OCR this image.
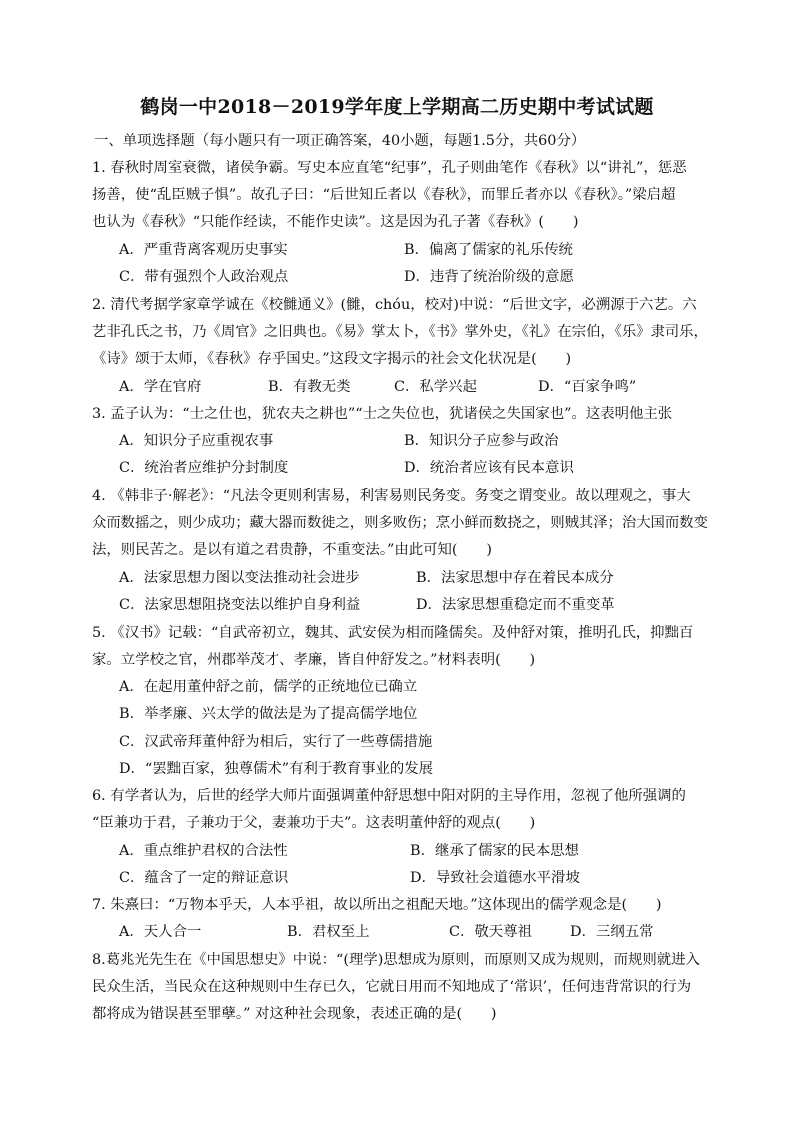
鹤岗一中2018－2019学年度上学期高二历史期中考试试题
一、单项选择题（每小题只有一项正确答案，40小题，每题1.5分，共60分）
1. 春秋时周室衰微，诸侯争霸。写史本应直笔“纪事”，孔子则曲笔作《春秋》以“讲礼”，惩恶
扬善，使“乱臣贼子惧”。故孔子曰：“后世知丘者以《春秋》，而罪丘者亦以《春秋》。”梁启超
也认为《春秋》“只能作经读，不能作史读”。这是因为孔子著《春秋》(　　)
A．严重背离客观历史事实	B．偏离了儒家的礼乐传统
C．带有强烈个人政治观点	D．违背了统治阶级的意愿
2. 清代考据学家章学诚在《校雠通义》(雠，chóu，校对)中说：“后世文字，必溯源于六艺。六
艺非孔氏之书，乃《周官》之旧典也。《易》掌太卜，《书》掌外史，《礼》在宗伯，《乐》隶司乐，
《诗》颂于太师，《春秋》存乎国史。”这段文字揭示的社会文化状况是(　　)
A．学在官府	B．有教无类	C．私学兴起	D．“百家争鸣”
3. 孟子认为：“士之仕也，犹农夫之耕也”“士之失位也，犹诸侯之失国家也”。这表明他主张
A．知识分子应重视农事	B．知识分子应参与政治
C．统治者应维护分封制度	D．统治者应该有民本意识
4. 《韩非子·解老》：“凡法令更则利害易，利害易则民务变。务变之谓变业。故以理观之，事大
众而数摇之，则少成功；藏大器而数徙之，则多败伤；烹小鲜而数挠之，则贼其泽；治大国而数变
法，则民苦之。是以有道之君贵静，不重变法。”由此可知(　　)
A．法家思想力图以变法推动社会进步	B．法家思想中存在着民本成分
C．法家思想阻挠变法以维护自身利益	D．法家思想重稳定而不重变革
5. 《汉书》记载：“自武帝初立，魏其、武安侯为相而隆儒矣。及仲舒对策，推明孔氏，抑黜百
家。立学校之官，州郡举茂才、孝廉，皆自仲舒发之。”材料表明(　　)
A．在起用董仲舒之前，儒学的正统地位已确立
B．举孝廉、兴太学的做法是为了提高儒学地位
C．汉武帝拜董仲舒为相后，实行了一些尊儒措施
D．“罢黜百家，独尊儒术”有利于教育事业的发展
6. 有学者认为，后世的经学大师片面强调董仲舒思想中阳对阴的主导作用，忽视了他所强调的
“臣兼功于君，子兼功于父，妻兼功于夫”。这表明董仲舒的观点(　　)
A．重点维护君权的合法性	B．继承了儒家的民本思想
C．蕴含了一定的辩证意识	D．导致社会道德水平滑坡
7. 朱熹曰：“万物本乎天，人本乎祖，故以所出之祖配天地。”这体现出的儒学观念是(　　)
A．天人合一	B．君权至上	C．敬天尊祖	D．三纲五常
8.葛兆光先生在《中国思想史》中说：“(理学)思想成为原则，而原则又成为规则，而规则就进入
民众生活，当民众在这种规则中生存已久，它就日用而不知地成了‘常识’，任何违背常识的行为
都将成为错误甚至罪孽。” 对这种社会现象，表述正确的是(　　)
